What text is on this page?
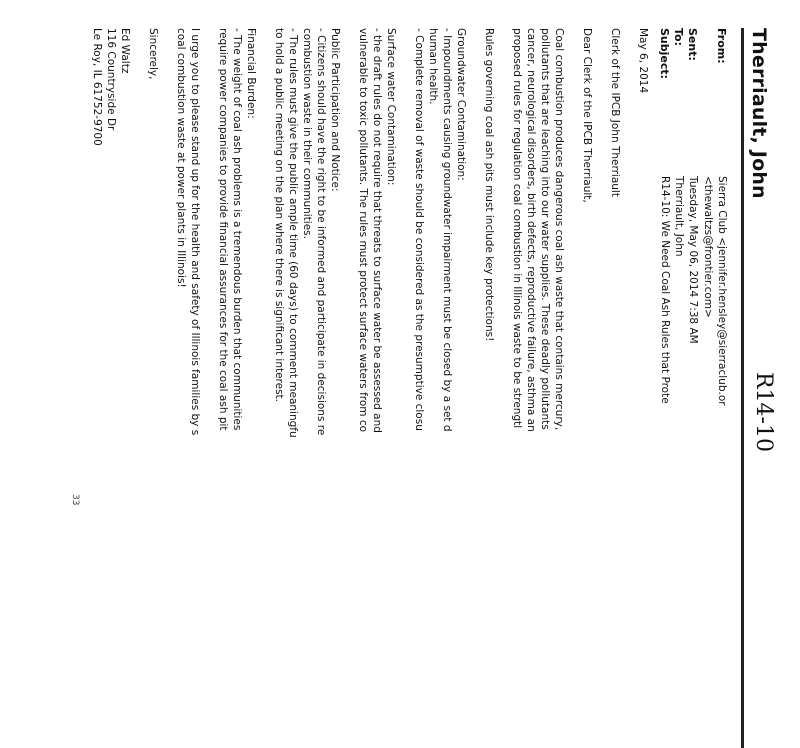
Therriault, John
R14-10
From:
Sierra Club <jennifer.hensley@sierraclub.or
<thewaltzs@frontier.com>
Sent:
Tuesday, May 06, 2014 7:38 AM
To:
Therriault, John
Subject:
R14-10: We Need Coal Ash Rules that Prote

May 6, 2014

Clerk of the IPCB John Therriault

Dear Clerk of the IPCB Therriault,

Coal combustion produces dangerous coal ash waste that contains mercury,

pollutants that are leaching into our water supplies. These deadly pollutants

cancer, neurological disorders, birth defects, reproductive failure, asthma an

proposed rules for regulation coal combustion in Illinois waste to be strengtl

Rules governing coal ash pits must include key protections!

Groundwater Contamination:

- Impoundments causing groundwater impairment must be closed by a set d

human health.

- Complete removal of waste should be considered as the presumptive closu

Surface water Contamination:

- the draft rules do not require that threats to surface water be assessed and

vulnerable to toxic pollutants. The rules must protect surface waters from co

Public Participation and Notice:

- Citizens should have the right to be informed and participate in decisions re

combustion waste in their communities.

- The rules must give the public ample time (60 days) to comment meaningfu

to hold a public meeting on the plan where there is significant interest.

Financial Burden:

- The weight of coal ash problems is a tremendous burden that communities

require power companies to provide financial assurances for the coal ash pit

I urge you to please stand up for the health and safety of Illinois families by s

coal combustion waste at power plants in Illinois!

Sincerely,

Ed Waltz

116 Countryside Dr

Le Roy, IL 61752-9700

33
